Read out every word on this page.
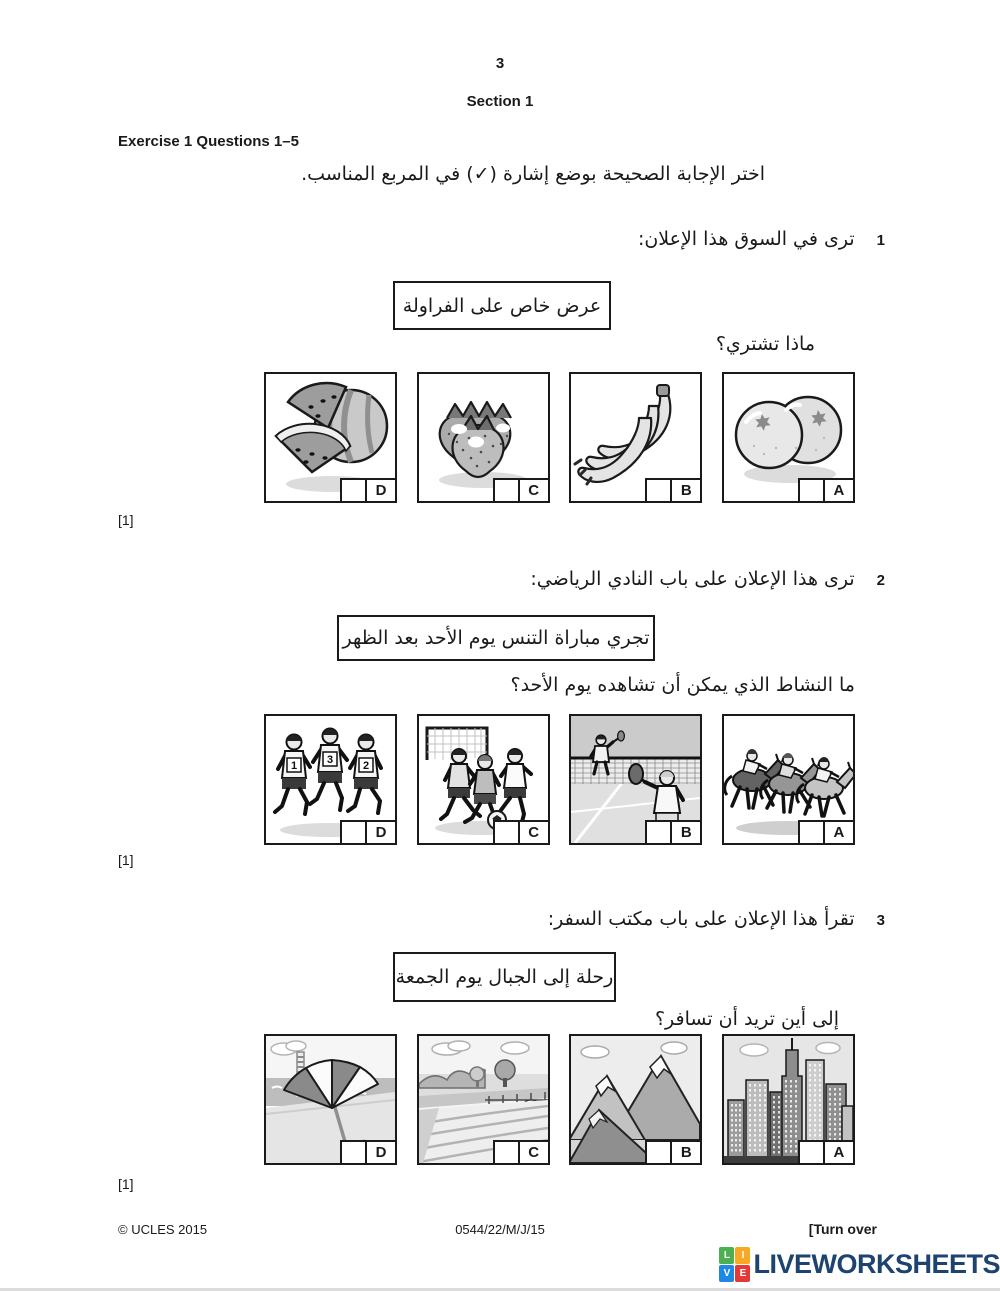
3
Section 1
Exercise 1 Questions 1–5
اختر الإجابة الصحيحة بوضع إشارة (✓) في المربع المناسب.
1
ترى في السوق هذا الإعلان:
عرض خاص على الفراولة
ماذا تشتري؟
D	C	B	A
[1]
2
ترى هذا الإعلان على باب النادي الرياضي:
تجري مباراة التنس يوم الأحد بعد الظهر
ما النشاط الذي يمكن أن تشاهده يوم الأحد؟
1	3	2
D	C	B	A
[1]
3
تقرأ هذا الإعلان على باب مكتب السفر:
رحلة إلى الجبال يوم الجمعة
إلى أين تريد أن تسافر؟
D	C	B	A
[1]
© UCLES 2015	0544/22/M/J/15	[Turn over
L	I
V E LIVEWORKSHEETS
